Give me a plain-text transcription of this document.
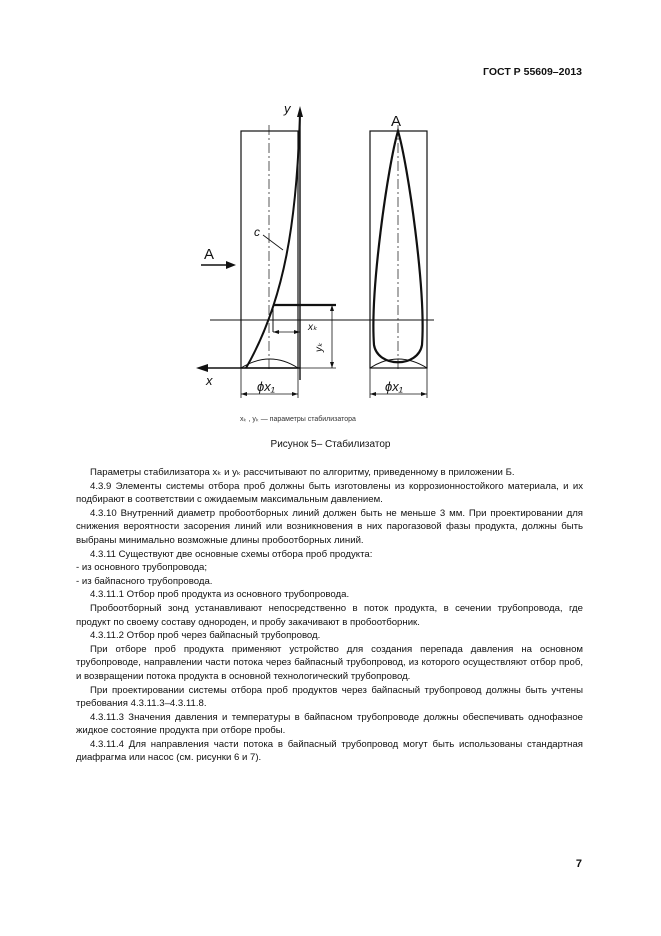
ГОСТ Р 55609–2013
y
x
А
А
с
xₖ
yₖ
ϕx₁	ϕx₁
xₖ , yₖ — параметры стабилизатора
Рисунок 5– Стабилизатор

Параметры стабилизатора xₖ и yₖ рассчитывают по алгоритму, приведенному в приложении Б.

4.3.9 Элементы системы отбора проб должны быть изготовлены из коррозионностойкого материала, и их подбирают в соответствии с ожидаемым максимальным давлением.

4.3.10 Внутренний диаметр пробоотборных линий должен быть не меньше 3 мм. При проектировании для снижения вероятности засорения линий или возникновения в них парогазовой фазы продукта, должны быть выбраны минимально возможные длины пробоотборных линий.

4.3.11 Существуют две основные схемы отбора проб продукта:

- из основного трубопровода;

- из байпасного трубопровода.

4.3.11.1 Отбор проб продукта из основного трубопровода.

Пробоотборный зонд устанавливают непосредственно в поток продукта, в сечении трубопровода, где продукт по своему составу однороден, и пробу закачивают в пробоотборник.

4.3.11.2 Отбор проб через байпасный трубопровод.

При отборе проб продукта применяют устройство для создания перепада давления на основном трубопроводе, направлении части потока через байпасный трубопровод, из которого осуществляют отбор проб, и возвращении потока продукта в основной технологический трубопровод.

При проектировании системы отбора проб продуктов через байпасный трубопровод должны быть учтены требования 4.3.11.3–4.3.11.8.

4.3.11.3 Значения давления и температуры в байпасном трубопроводе должны обеспечивать однофазное жидкое состояние продукта при отборе пробы.

4.3.11.4 Для направления части потока в байпасный трубопровод могут быть использованы стандартная диафрагма или насос (см. рисунки 6 и 7).

7
